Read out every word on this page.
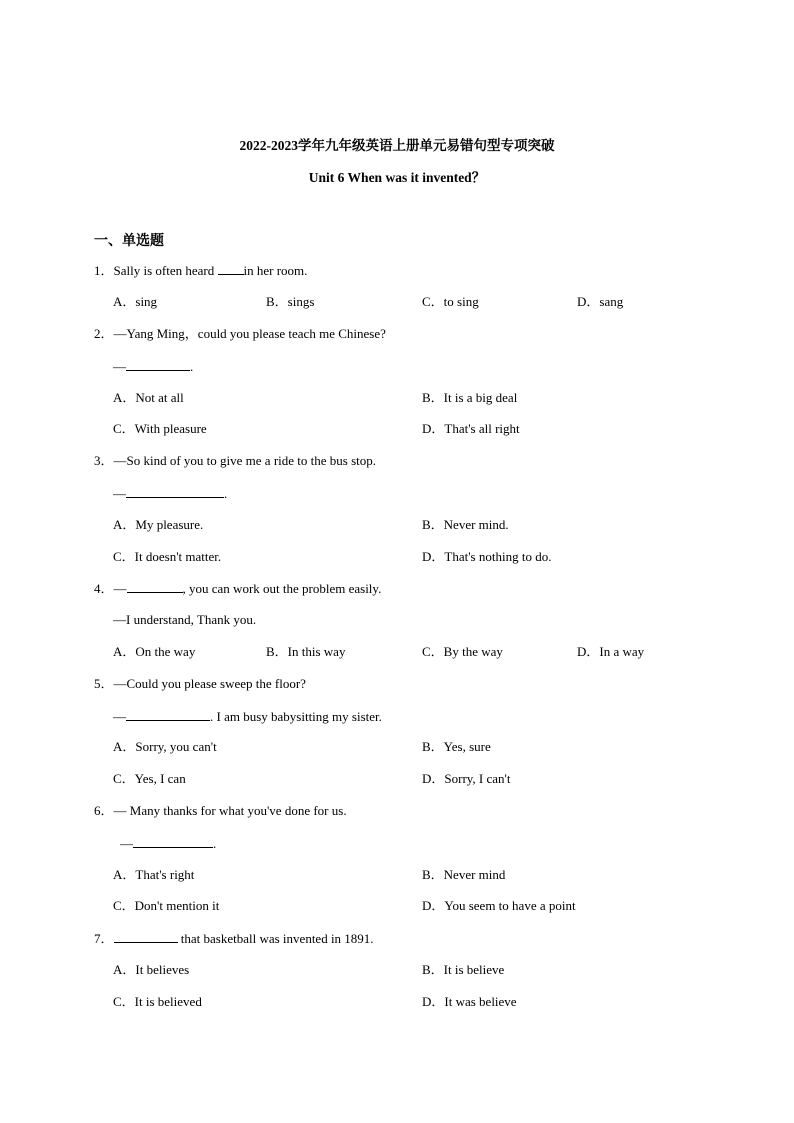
2022-2023学年九年级英语上册单元易错句型专项突破
Unit 6 When was it invented？
一、单选题
1．Sally is often heard in her room.
A．sing	B．sings	C．to sing	D．sang
2．—Yang Ming，could you please teach me Chinese?
—	.
A．Not at all	B．It is a big deal
C．With pleasure	D．That's all right
3．—So kind of you to give me a ride to the bus stop.
—	.
A．My pleasure.	B．Never mind.
C．It doesn't matter.	D．That's nothing to do.
4．—	, you can work out the problem easily.
—I understand, Thank you.
A．On the way	B．In this way	C．By the way	D．In a way
5．—Could you please sweep the floor?
—	. I am busy babysitting my sister.
A．Sorry, you can't	B．Yes, sure
C．Yes, I can	D．Sorry, I can't
6．— Many thanks for what you've done for us.
—	.
A．That's right	B．Never mind
C．Don't mention it	D．You seem to have a point
7．	that basketball was invented in 1891.
A．It believes	B．It is believe
C．It is believed	D．It was believe
